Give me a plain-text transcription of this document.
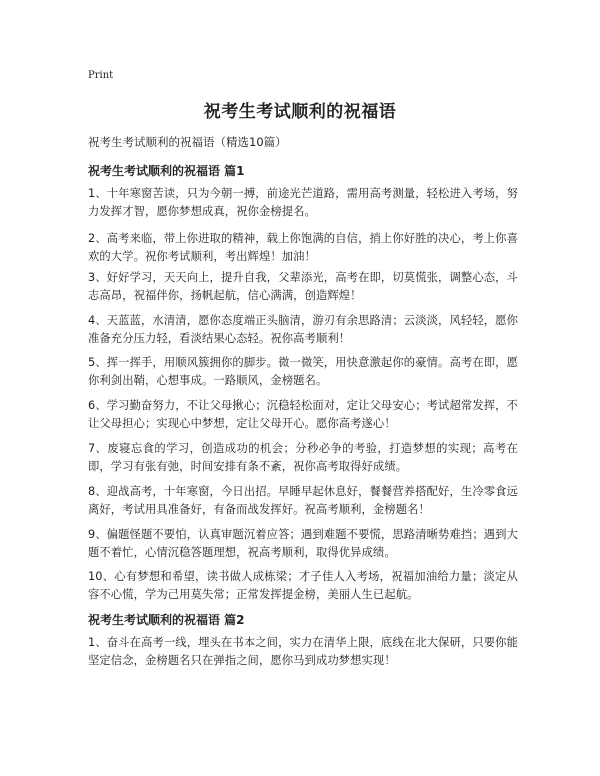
Print
祝考生考试顺利的祝福语
祝考生考试顺利的祝福语（精选10篇）
祝考生考试顺利的祝福语 篇1
1、十年寒窗苦读，只为今朝一搏，前途光芒道路，需用高考测量，轻松进入考场，努力发挥才智，愿你梦想成真，祝你金榜提名。
2、高考来临，带上你进取的精神，载上你饱满的自信，捎上你好胜的决心，考上你喜欢的大学。祝你考试顺利，考出辉煌！加油！
3、好好学习，天天向上，提升自我，父辈添光，高考在即，切莫慌张，调整心态，斗志高昂，祝福伴你，扬帆起航，信心满满，创造辉煌！
4、天蓝蓝，水清清，愿你态度端正头脑清，游刃有余思路清；云淡淡，风轻轻，愿你准备充分压力轻，看淡结果心态轻。祝你高考顺利！
5、挥一挥手，用顺风簇拥你的脚步。微一微笑，用快意激起你的豪情。高考在即，愿你利剑出鞘，心想事成。一路顺风，金榜题名。
6、学习勤奋努力，不让父母揪心；沉稳轻松面对，定让父母安心；考试超常发挥，不让父母担心；实现心中梦想，定让父母开心。愿你高考遂心！
7、废寝忘食的学习，创造成功的机会；分秒必争的考验，打造梦想的实现；高考在即，学习有张有弛，时间安排有条不紊，祝你高考取得好成绩。
8、迎战高考，十年寒窗，今日出招。早睡早起休息好，餐餐营养搭配好，生冷零食远离好，考试用具准备好，有备而战发挥好。祝高考顺利，金榜题名！
9、偏题怪题不要怕，认真审题沉着应答；遇到难题不要慌，思路清晰势难挡；遇到大题不着忙，心情沉稳答题理想，祝高考顺利，取得优异成绩。
10、心有梦想和希望，读书做人成栋梁；才子佳人入考场，祝福加油给力量；淡定从容不心慌，学为己用莫失常；正常发挥提金榜，美丽人生已起航。
祝考生考试顺利的祝福语 篇2
1、奋斗在高考一线，埋头在书本之间，实力在清华上限，底线在北大保研，只要你能坚定信念，金榜题名只在弹指之间，愿你马到成功梦想实现！
